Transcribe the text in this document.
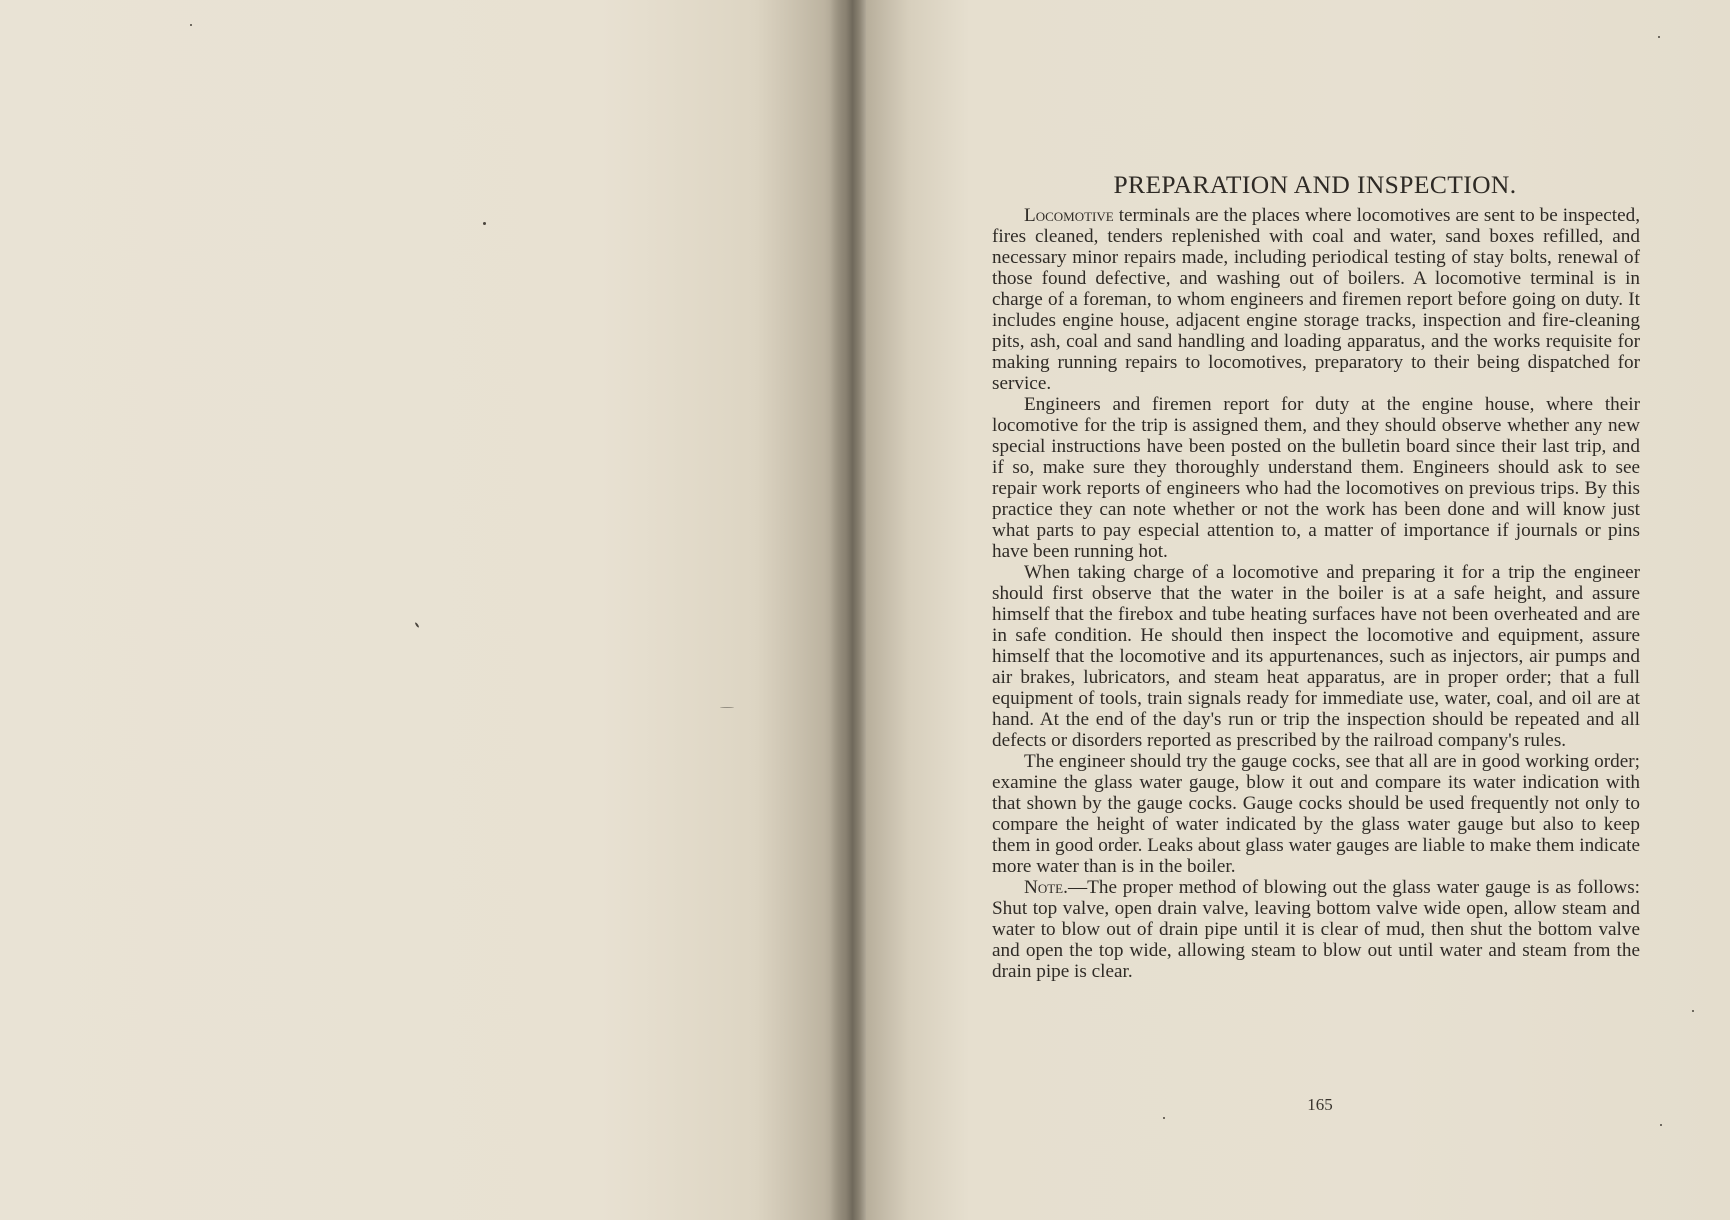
PREPARATION AND INSPECTION.

Locomotive terminals are the places where locomotives are sent to be inspected, fires cleaned, tenders replenished with coal and water, sand boxes refilled, and necessary minor repairs made, including periodical testing of stay bolts, renewal of those found defective, and washing out of boilers. A locomotive terminal is in charge of a foreman, to whom engineers and firemen report before going on duty. It includes engine house, adjacent engine storage tracks, inspection and fire-cleaning pits, ash, coal and sand handling and loading apparatus, and the works requisite for making running repairs to locomotives, preparatory to their being dispatched for service.

Engineers and firemen report for duty at the engine house, where their locomotive for the trip is assigned them, and they should observe whether any new special instructions have been posted on the bulletin board since their last trip, and if so, make sure they thoroughly understand them. Engineers should ask to see repair work reports of engineers who had the locomotives on previous trips. By this practice they can note whether or not the work has been done and will know just what parts to pay especial attention to, a matter of importance if journals or pins have been running hot.

When taking charge of a locomotive and preparing it for a trip the engineer should first observe that the water in the boiler is at a safe height, and assure himself that the firebox and tube heating surfaces have not been overheated and are in safe condition. He should then inspect the locomotive and equipment, assure himself that the locomotive and its appurtenances, such as injectors, air pumps and air brakes, lubricators, and steam heat apparatus, are in proper order; that a full equipment of tools, train signals ready for immediate use, water, coal, and oil are at hand. At the end of the day's run or trip the inspection should be repeated and all defects or disorders reported as prescribed by the railroad company's rules.

The engineer should try the gauge cocks, see that all are in good working order; examine the glass water gauge, blow it out and compare its water indication with that shown by the gauge cocks. Gauge cocks should be used frequently not only to compare the height of water indicated by the glass water gauge but also to keep them in good order. Leaks about glass water gauges are liable to make them indicate more water than is in the boiler.

Note.—The proper method of blowing out the glass water gauge is as follows: Shut top valve, open drain valve, leaving bottom valve wide open, allow steam and water to blow out of drain pipe until it is clear of mud, then shut the bottom valve and open the top wide, allowing steam to blow out until water and steam from the drain pipe is clear.

165
